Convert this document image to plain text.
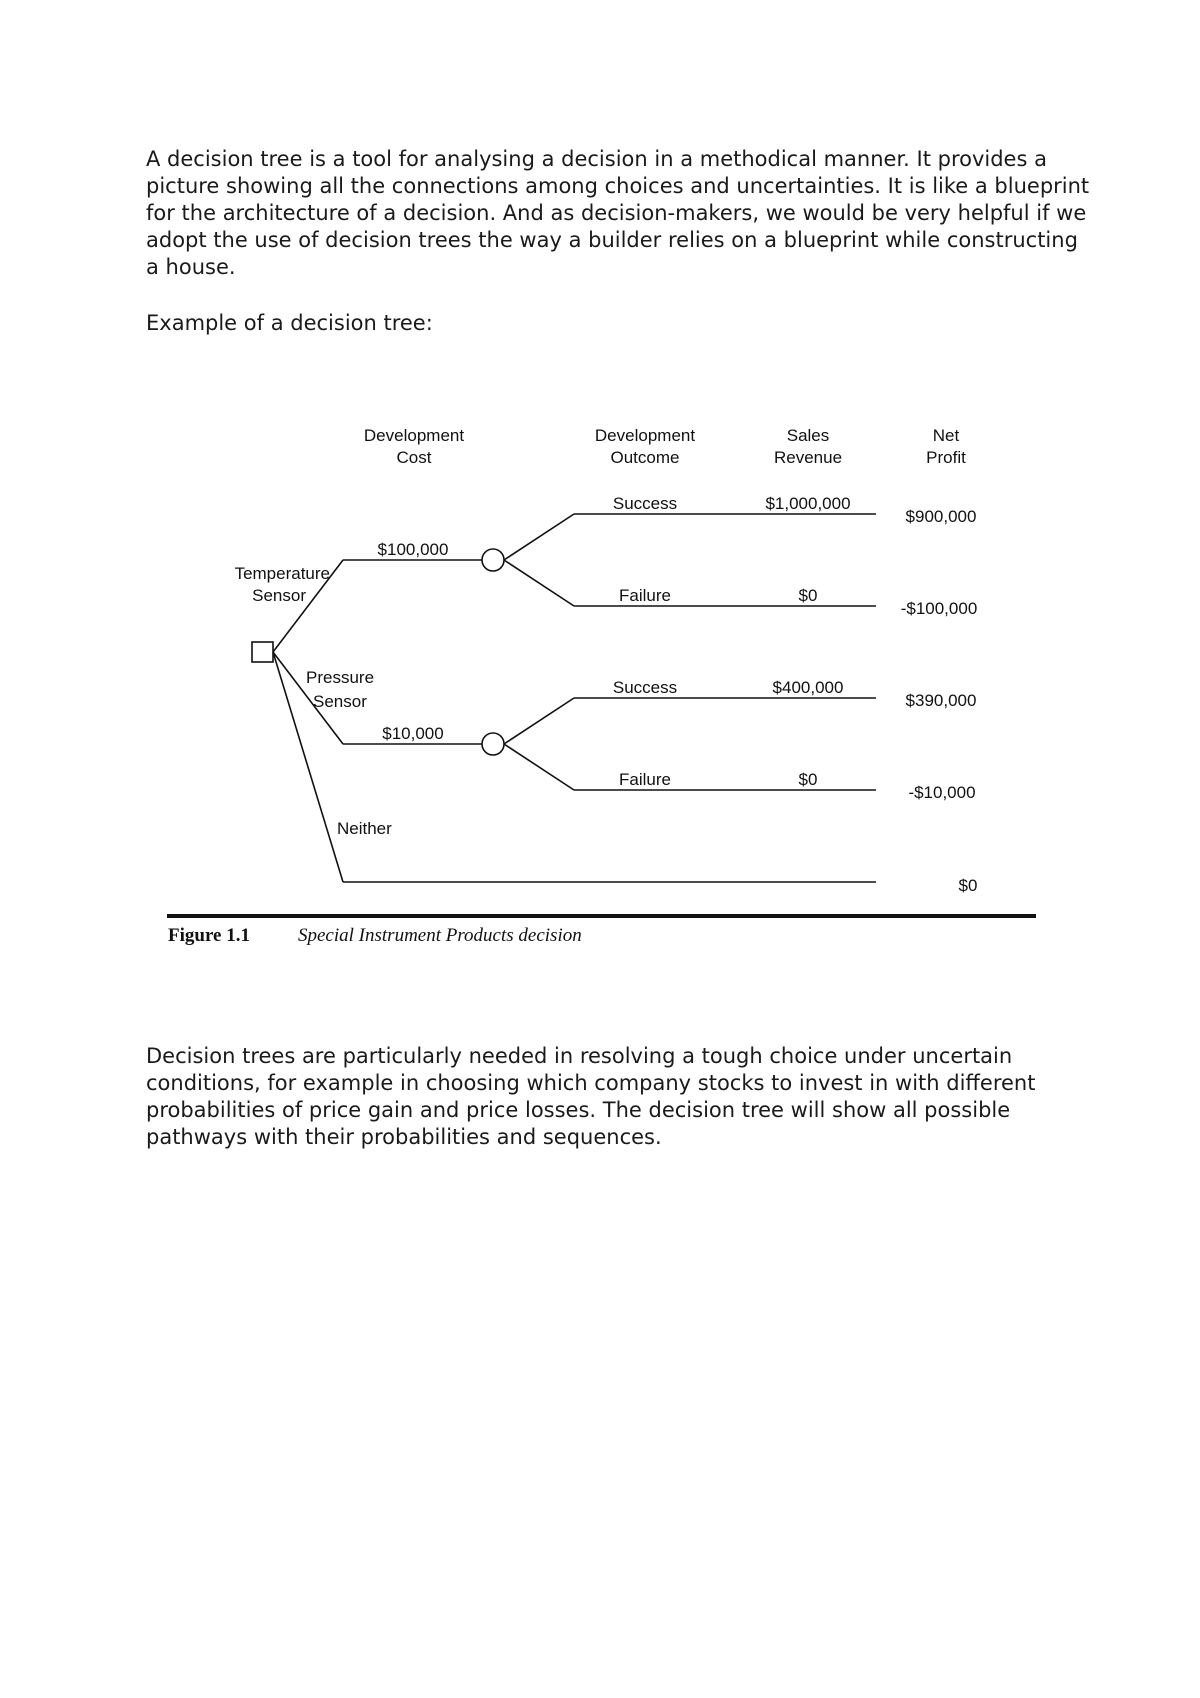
A decision tree is a tool for analysing a decision in a methodical manner. It provides a picture showing all the connections among choices and uncertainties. It is like a blueprint for the architecture of a decision. And as decision-makers, we would be very helpful if we adopt the use of decision trees the way a builder relies on a blueprint while constructing a house.

Example of a decision tree:

Development
Cost
Development
Outcome
Sales
Revenue
Net
Profit
Temperature
Sensor
Pressure
Sensor
Neither
$100,000
$10,000
Success
Failure
Success
Failure
$1,000,000
$0
$400,000
$0
$900,000
-$100,000
$390,000
-$10,000
$0
Figure 1.1	Special Instrument Products decision

Decision trees are particularly needed in resolving a tough choice under uncertain conditions, for example in choosing which company stocks to invest in with different probabilities of price gain and price losses. The decision tree will show all possible pathways with their probabilities and sequences.
